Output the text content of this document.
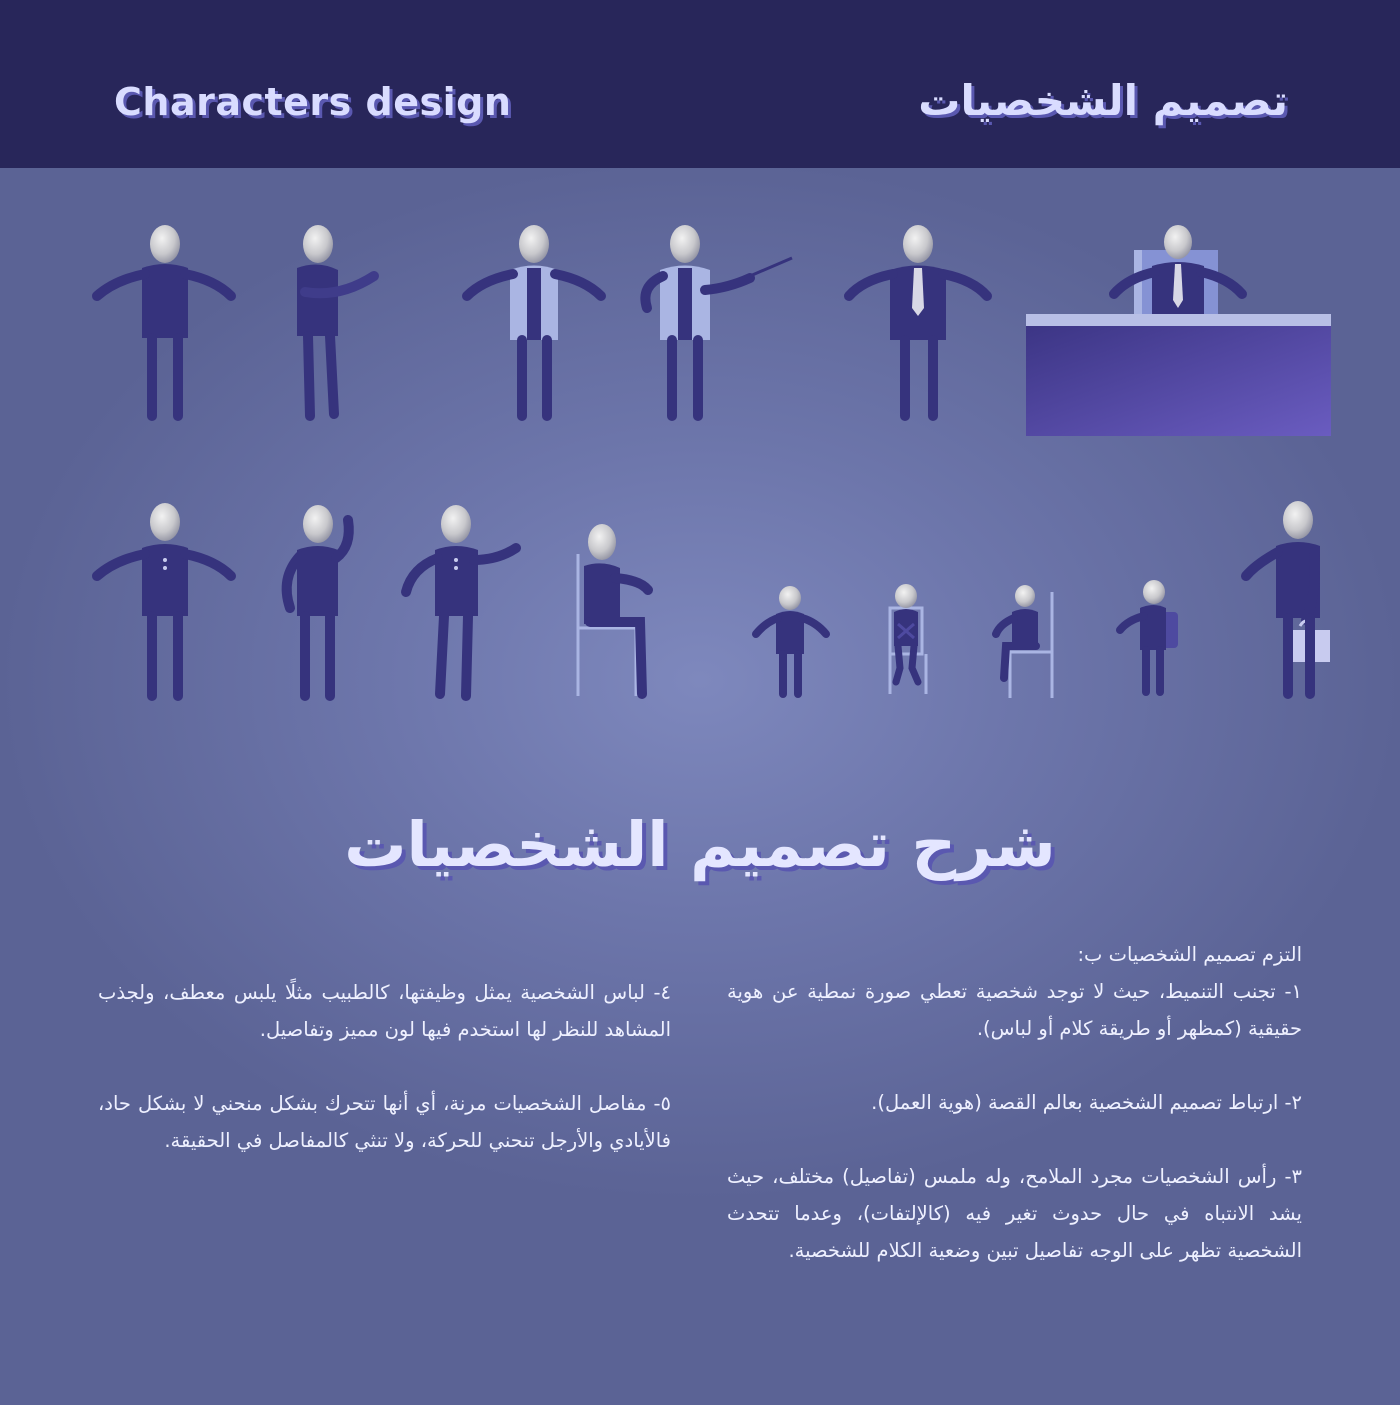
Characters design	تصميم الشخصيات
شرح تصميم الشخصيات

التزم تصميم الشخصيات ب:

١- تجنب التنميط، حيث لا توجد شخصية تعطي صورة نمطية عن هوية حقيقية (كمظهر أو طريقة كلام أو لباس).

٢- ارتباط تصميم الشخصية بعالم القصة (هوية العمل).

٣- رأس الشخصيات مجرد الملامح، وله ملمس (تفاصيل) مختلف، حيث يشد الانتباه في حال حدوث تغير فيه (كالإلتفات)، وعدما تتحدث الشخصية تظهر على الوجه تفاصيل تبين وضعية الكلام للشخصية.

٤- لباس الشخصية يمثل وظيفتها، كالطبيب مثلًا يلبس معطف، ولجذب المشاهد للنظر لها استخدم فيها لون مميز وتفاصيل.

٥- مفاصل الشخصيات مرنة، أي أنها تتحرك بشكل منحني لا بشكل حاد، فالأيادي والأرجل تنحني للحركة، ولا تنثي كالمفاصل في الحقيقة.
